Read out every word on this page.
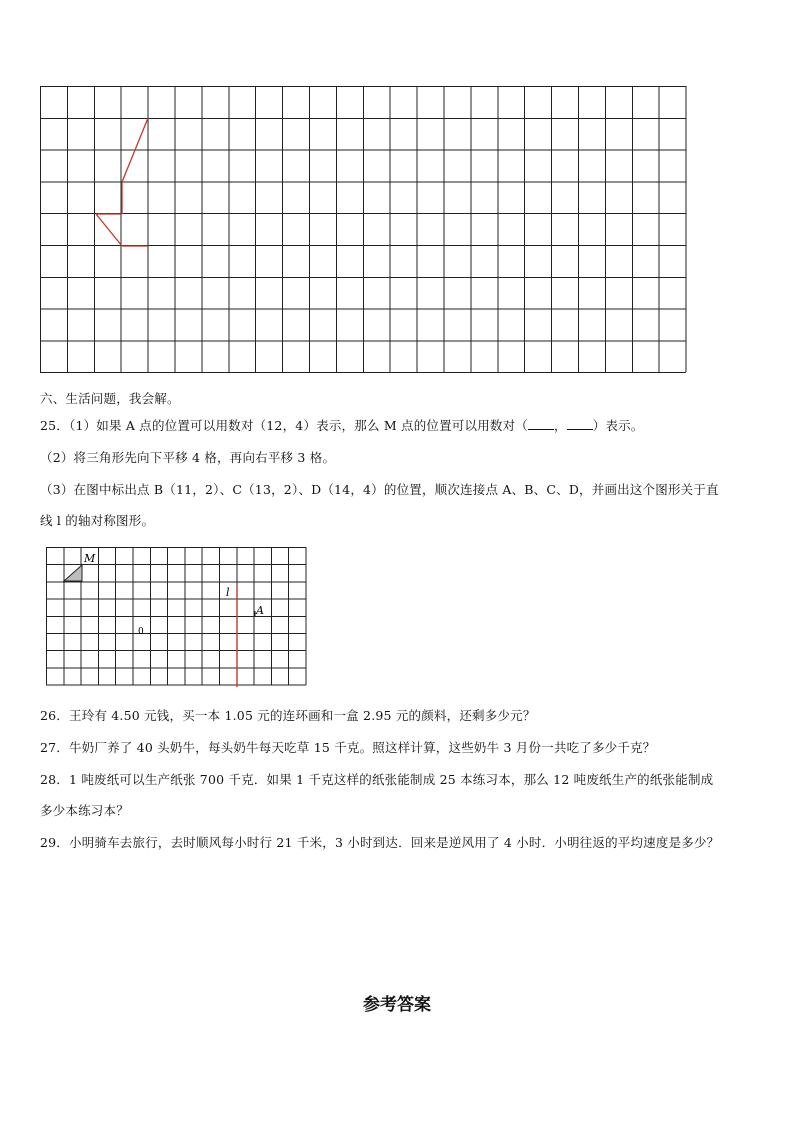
六、生活问题，我会解。
25．（1）如果 A 点的位置可以用数对（12，4）表示，那么 M 点的位置可以用数对（ ， ）表示。
（2）将三角形先向下平移 4 格，再向右平移 3 格。
（3）在图中标出点 B（11，2）、C（13，2）、D（14，4）的位置，顺次连接点 A、B、C、D，并画出这个图形关于直
线 l 的轴对称图形。
M
l
A
0
26．王玲有 4.50 元钱，买一本 1.05 元的连环画和一盒 2.95 元的颜料，还剩多少元？
27．牛奶厂养了 40 头奶牛，每头奶牛每天吃草 15 千克。照这样计算，这些奶牛 3 月份一共吃了多少千克？
28．1 吨废纸可以生产纸张 700 千克．如果 1 千克这样的纸张能制成 25 本练习本，那么 12 吨废纸生产的纸张能制成
多少本练习本？
29．小明骑车去旅行，去时顺风每小时行 21 千米，3 小时到达．回来是逆风用了 4 小时．小明往返的平均速度是多少？
参考答案
